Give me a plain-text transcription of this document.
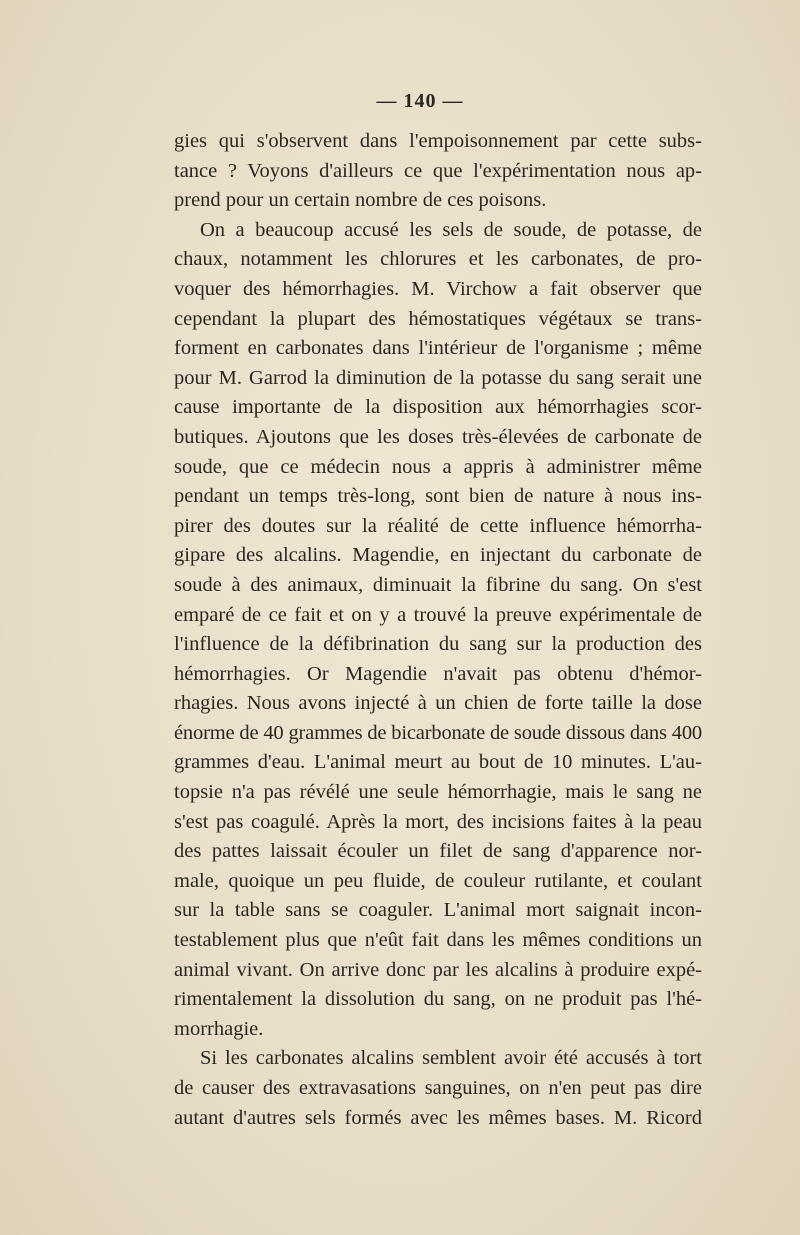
— 140 —
gies qui s'observent dans l'empoisonnement par cette subs-
tance ? Voyons d'ailleurs ce que l'expérimentation nous ap-
prend pour un certain nombre de ces poisons.
On a beaucoup accusé les sels de soude, de potasse, de
chaux, notamment les chlorures et les carbonates, de pro-
voquer des hémorrhagies. M. Virchow a fait observer que
cependant la plupart des hémostatiques végétaux se trans-
forment en carbonates dans l'intérieur de l'organisme ; même
pour M. Garrod la diminution de la potasse du sang serait une
cause importante de la disposition aux hémorrhagies scor-
butiques. Ajoutons que les doses très-élevées de carbonate de
soude, que ce médecin nous a appris à administrer même
pendant un temps très-long, sont bien de nature à nous ins-
pirer des doutes sur la réalité de cette influence hémorrha-
gipare des alcalins. Magendie, en injectant du carbonate de
soude à des animaux, diminuait la fibrine du sang. On s'est
emparé de ce fait et on y a trouvé la preuve expérimentale de
l'influence de la défibrination du sang sur la production des
hémorrhagies. Or Magendie n'avait pas obtenu d'hémor-
rhagies. Nous avons injecté à un chien de forte taille la dose
énorme de 40 grammes de bicarbonate de soude dissous dans 400
grammes d'eau. L'animal meurt au bout de 10 minutes. L'au-
topsie n'a pas révélé une seule hémorrhagie, mais le sang ne
s'est pas coagulé. Après la mort, des incisions faites à la peau
des pattes laissait écouler un filet de sang d'apparence nor-
male, quoique un peu fluide, de couleur rutilante, et coulant
sur la table sans se coaguler. L'animal mort saignait incon-
testablement plus que n'eût fait dans les mêmes conditions un
animal vivant. On arrive donc par les alcalins à produire expé-
rimentalement la dissolution du sang, on ne produit pas l'hé-
morrhagie.
Si les carbonates alcalins semblent avoir été accusés à tort
de causer des extravasations sanguines, on n'en peut pas dire
autant d'autres sels formés avec les mêmes bases. M. Ricord
